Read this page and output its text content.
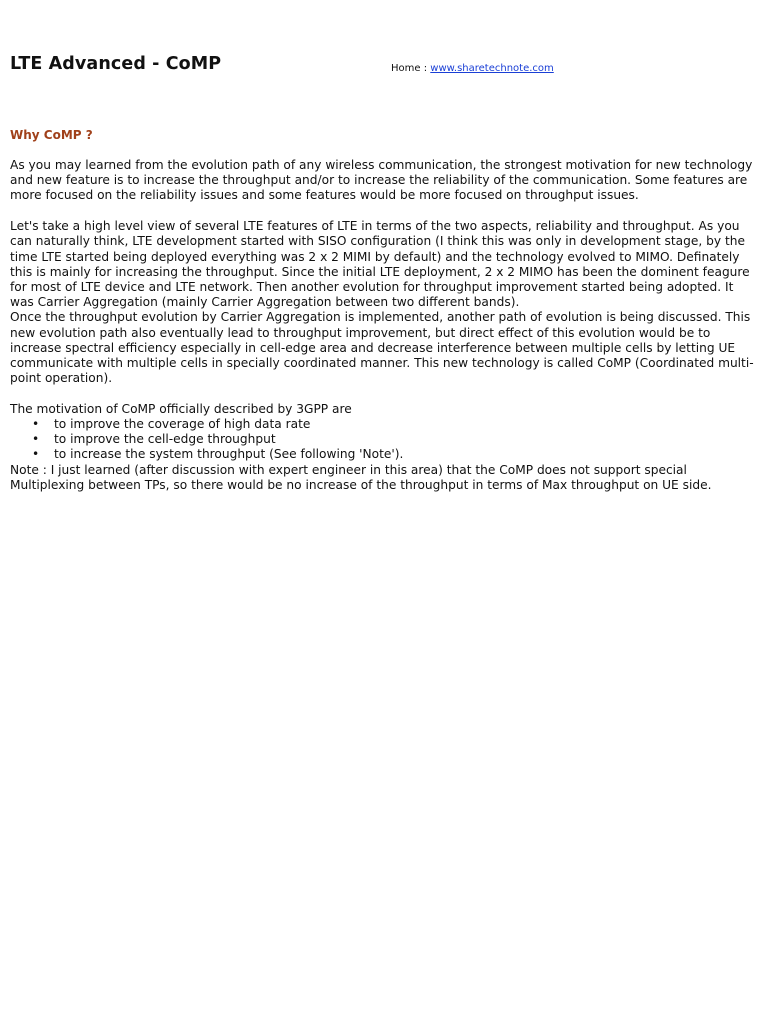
LTE Advanced - CoMP	Home : www.sharetechnote.com
Why CoMP ?

As you may learned from the evolution path of any wireless communication, the strongest motivation for new technology and new feature is to increase the throughput and/or to increase the reliability of the communication. Some features are more focused on the reliability issues and some features would be more focused on throughput issues.

Let's take a high level view of several LTE features of LTE in terms of the two aspects, reliability and throughput. As you can naturally think, LTE development started with SISO configuration (I think this was only in development stage, by the time LTE started being deployed everything was 2 x 2 MIMI by default) and the technology evolved to MIMO. Definately this is mainly for increasing the throughput. Since the initial LTE deployment, 2 x 2 MIMO has been the dominent feagure for most of LTE device and LTE network. Then another evolution for throughput improvement started being adopted. It was Carrier Aggregation (mainly Carrier Aggregation between two different bands).

Once the throughput evolution by Carrier Aggregation is implemented, another path of evolution is being discussed. This new evolution path also eventually lead to throughput improvement, but direct effect of this evolution would be to increase spectral efficiency especially in cell-edge area and decrease interference between multiple cells by letting UE communicate with multiple cells in specially coordinated manner. This new technology is called CoMP (Coordinated multi-point operation).

The motivation of CoMP officially described by 3GPP are

• to improve the coverage of high data rate
• to improve the cell-edge throughput
• to increase the system throughput (See following 'Note').

Note : I just learned (after discussion with expert engineer in this area) that the CoMP does not support special Multiplexing between TPs, so there would be no increase of the throughput in terms of Max throughput on UE side.
